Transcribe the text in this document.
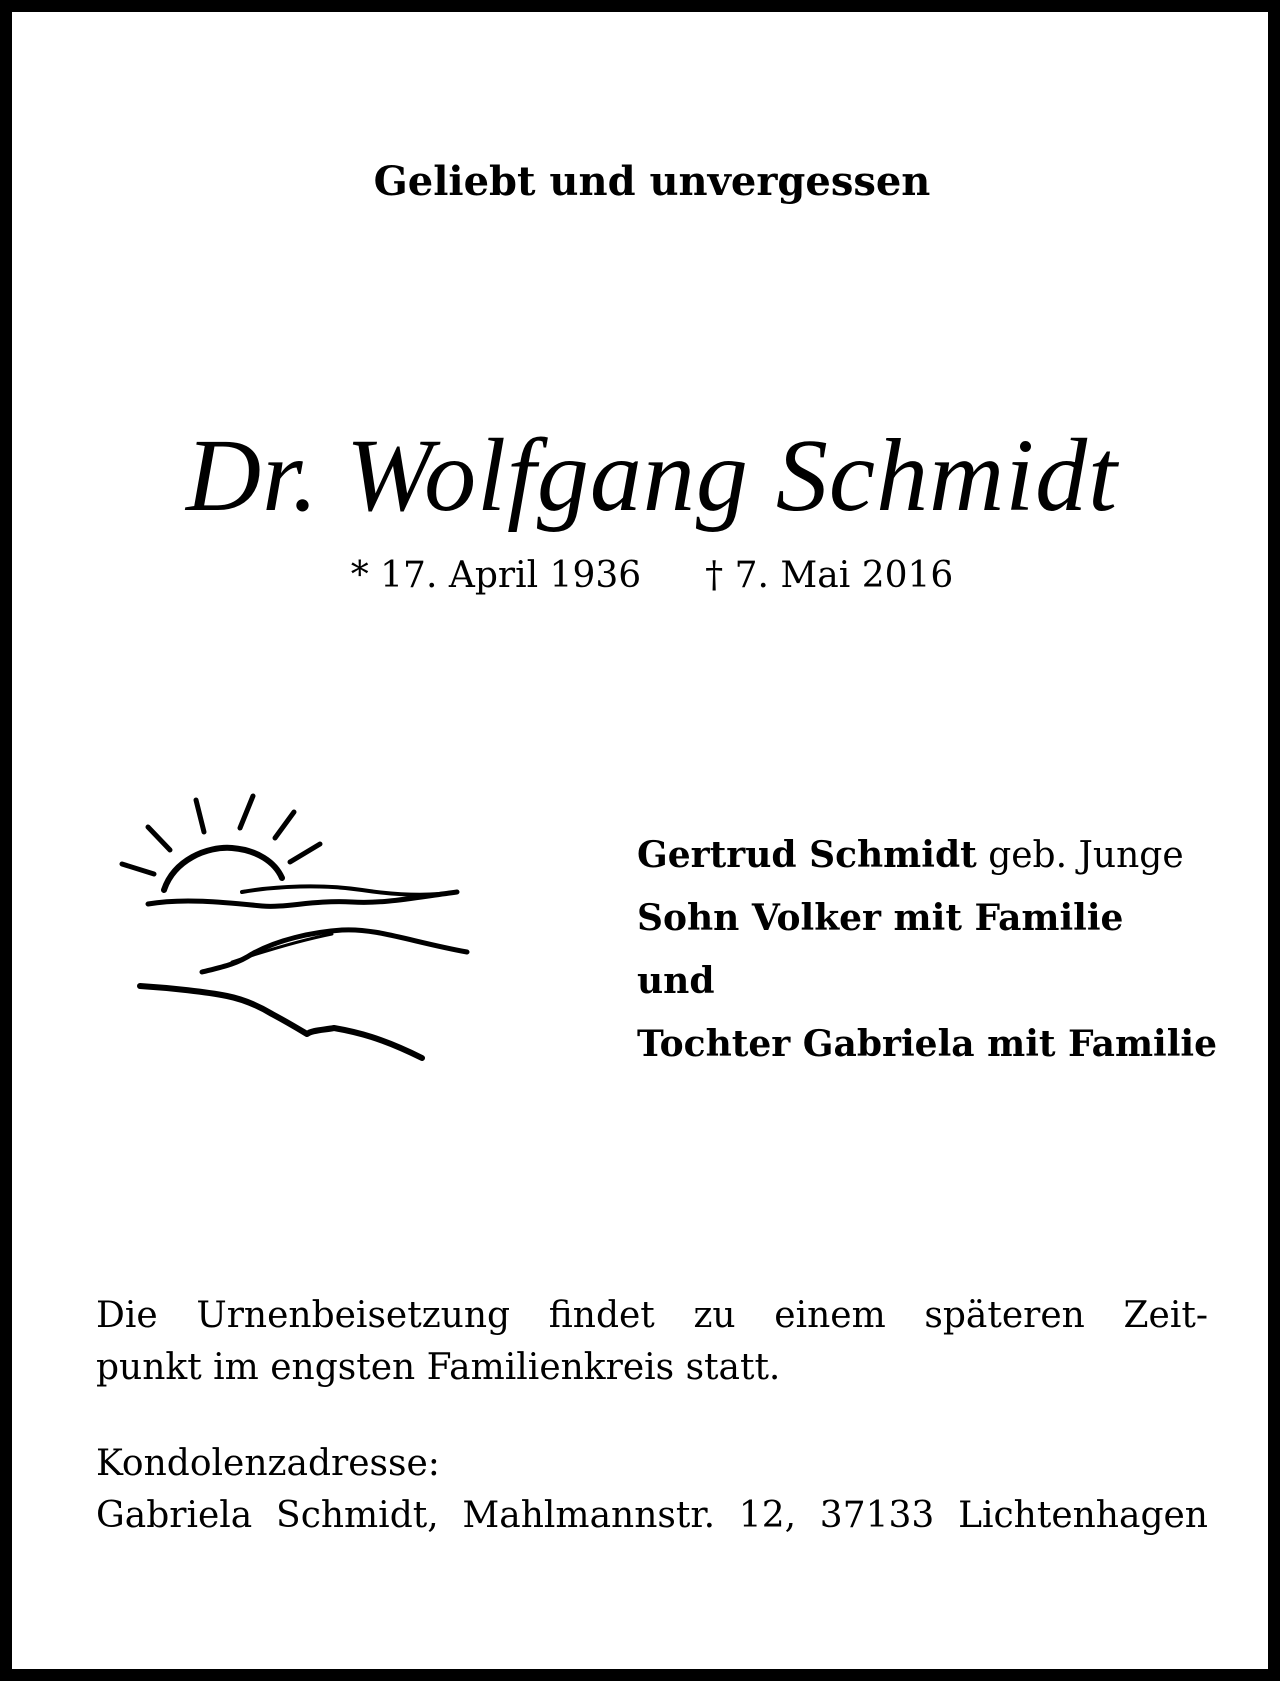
Geliebt und unvergessen
Dr. Wolfgang Schmidt
* 17. April 1936 † 7. Mai 2016
Gertrud Schmidt geb. Junge
Sohn Volker mit Familie
und
Tochter Gabriela mit Familie
Die Urnenbeisetzung findet zu einem späteren Zeit-
punkt im engsten Familienkreis statt.
Kondolenzadresse:
Gabriela Schmidt, Mahlmannstr. 12, 37133 Lichtenhagen
